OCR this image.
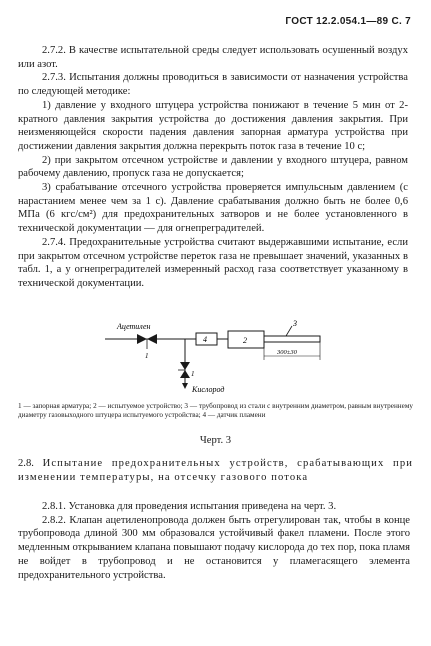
ГОСТ 12.2.054.1—89 С. 7

2.7.2. В качестве испытательной среды следует использовать осушенный воздух или азот.

2.7.3. Испытания должны проводиться в зависимости от назначения устройства по следующей методике:

1) давление у входного штуцера устройства понижают в течение 5 мин от 2-кратного давления закрытия устройства до достижения давления закрытия. При неизменяющейся скорости падения давления запорная арматура устройства при достижении давления закрытия должна перекрыть поток газа в течение 10 с;

2) при закрытом отсечном устройстве и давлении у входного штуцера, равном рабочему давлению, пропуск газа не допускается;

3) срабатывание отсечного устройства проверяется импульсным давлением (с нарастанием менее чем за 1 с). Давление срабатывания должно быть не более 0,6 МПа (6 кгс/см²) для предохранительных затворов и не более установленного в технической документации — для огнепреградителей.

2.7.4. Предохранительные устройства считают выдержавшими испытание, если при закрытом отсечном устройстве переток газа не превышает значений, указанных в табл. 1, а у огнепреградителей измеренный расход газа соответствует указанному в технической документации.

Ацетилен
1
4	2
3
300±30
1
Кислород
1 — запорная арматура; 2 — испытуемое устройство; 3 — трубопровод из стали с внутренним диаметром, равным внутреннему диаметру газовыходного штуцера испытуемого устройства; 4 — датчик пламени
Черт. 3
2.8. Испытание предохранительных устройств, срабатывающих при изменении температуры, на отсечку газового потока

2.8.1. Установка для проведения испытания приведена на черт. 3.

2.8.2. Клапан ацетиленопровода должен быть отрегулирован так, чтобы в конце трубопровода длиной 300 мм образовался устойчивый факел пламени. После этого медленным открыванием клапана повышают подачу кислорода до тех пор, пока пламя не войдет в трубопровод и не остановится у пламегасящего элемента предохранительного устройства.
